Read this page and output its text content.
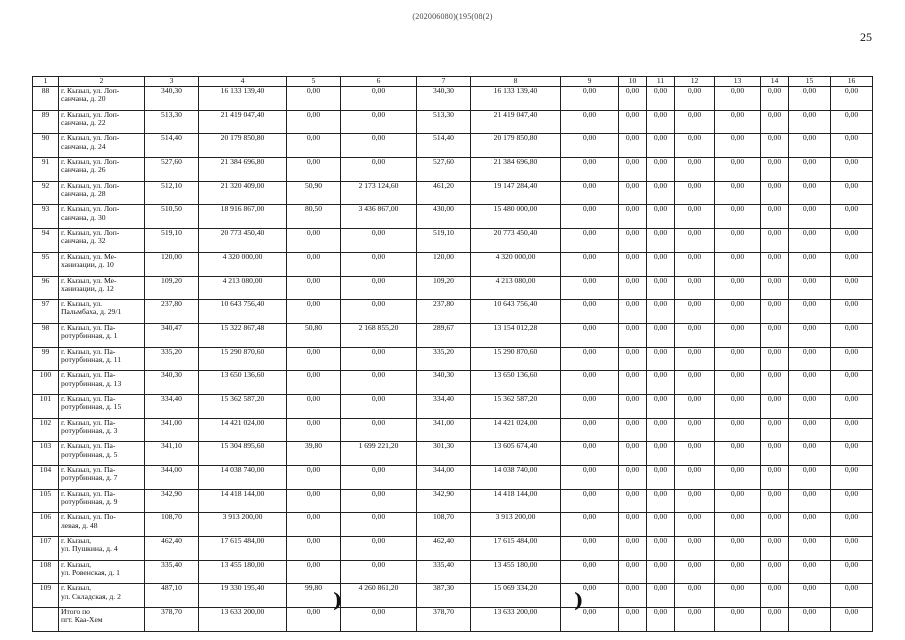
(202006080)(195(08(2)
25
1	2	3	4	5	6	7	8	9	10	11	12	13	14	15	16
88	г. Кызыл, ул. Лоп-
санчана, д. 20	340,30	16 133 139,40	0,00	0,00	340,30	16 133 139,40	0,00	0,00	0,00	0,00	0,00	0,00	0,00	0,00
89	г. Кызыл, ул. Лоп-
санчана, д. 22	513,30	21 419 047,40	0,00	0,00	513,30	21 419 047,40	0,00	0,00	0,00	0,00	0,00	0,00	0,00	0,00
90	г. Кызыл, ул. Лоп-
санчана, д. 24	514,40	20 179 850,80	0,00	0,00	514,40	20 179 850,80	0,00	0,00	0,00	0,00	0,00	0,00	0,00	0,00
91	г. Кызыл, ул. Лоп-
санчана, д. 26	527,60	21 384 696,80	0,00	0,00	527,60	21 384 696,80	0,00	0,00	0,00	0,00	0,00	0,00	0,00	0,00
92	г. Кызыл, ул. Лоп-
санчана, д. 28	512,10	21 320 409,00	50,90	2 173 124,60	461,20	19 147 284,40	0,00	0,00	0,00	0,00	0,00	0,00	0,00	0,00
93	г. Кызыл, ул. Лоп-
санчана, д. 30	510,50	18 916 867,00	80,50	3 436 867,00	430,00	15 480 000,00	0,00	0,00	0,00	0,00	0,00	0,00	0,00	0,00
94	г. Кызыл, ул. Лоп-
санчана, д. 32	519,10	20 773 450,40	0,00	0,00	519,10	20 773 450,40	0,00	0,00	0,00	0,00	0,00	0,00	0,00	0,00
95	г. Кызыл, ул. Ме-
ханизации, д. 10	120,00	4 320 000,00	0,00	0,00	120,00	4 320 000,00	0,00	0,00	0,00	0,00	0,00	0,00	0,00	0,00
96	г. Кызыл, ул. Ме-
ханизации, д. 12	109,20	4 213 080,00	0,00	0,00	109,20	4 213 080,00	0,00	0,00	0,00	0,00	0,00	0,00	0,00	0,00
97	г. Кызыл, ул.
Пальмбаха, д. 29/1	237,80	10 643 756,40	0,00	0,00	237,80	10 643 756,40	0,00	0,00	0,00	0,00	0,00	0,00	0,00	0,00
98	г. Кызыл, ул. Па-
ротурбинная, д. 1	340,47	15 322 867,48	50,80	2 168 855,20	289,67	13 154 012,28	0,00	0,00	0,00	0,00	0,00	0,00	0,00	0,00
99	г. Кызыл, ул. Па-
ротурбинная, д. 11	335,20	15 290 870,60	0,00	0,00	335,20	15 290 870,60	0,00	0,00	0,00	0,00	0,00	0,00	0,00	0,00
100	г. Кызыл, ул. Па-
ротурбинная, д. 13	340,30	13 650 136,60	0,00	0,00	340,30	13 650 136,60	0,00	0,00	0,00	0,00	0,00	0,00	0,00	0,00
101	г. Кызыл, ул. Па-
ротурбинная, д. 15	334,40	15 362 587,20	0,00	0,00	334,40	15 362 587,20	0,00	0,00	0,00	0,00	0,00	0,00	0,00	0,00
102	г. Кызыл, ул. Па-
ротурбинная, д. 3	341,00	14 421 024,00	0,00	0,00	341,00	14 421 024,00	0,00	0,00	0,00	0,00	0,00	0,00	0,00	0,00
103	г. Кызыл, ул. Па-
ротурбинная, д. 5	341,10	15 304 895,60	39,80	1 699 221,20	301,30	13 605 674,40	0,00	0,00	0,00	0,00	0,00	0,00	0,00	0,00
104	г. Кызыл, ул. Па-
ротурбинная, д. 7	344,00	14 038 740,00	0,00	0,00	344,00	14 038 740,00	0,00	0,00	0,00	0,00	0,00	0,00	0,00	0,00
105	г. Кызыл, ул. Па-
ротурбинная, д. 9	342,90	14 418 144,00	0,00	0,00	342,90	14 418 144,00	0,00	0,00	0,00	0,00	0,00	0,00	0,00	0,00
106	г. Кызыл, ул. По-
левая, д. 48	108,70	3 913 200,00	0,00	0,00	108,70	3 913 200,00	0,00	0,00	0,00	0,00	0,00	0,00	0,00	0,00
107	г. Кызыл,
ул. Пушкина, д. 4	462,40	17 615 484,00	0,00	0,00	462,40	17 615 484,00	0,00	0,00	0,00	0,00	0,00	0,00	0,00	0,00
108	г. Кызыл,
ул. Ровенская, д. 1	335,40	13 455 180,00	0,00	0,00	335,40	13 455 180,00	0,00	0,00	0,00	0,00	0,00	0,00	0,00	0,00
109	г. Кызыл,
ул. Складская, д. 2	487,10	19 330 195,40	99,80	4 260 861,20	387,30	15 069 334,20	0,00	0,00	0,00	0,00	0,00	0,00	0,00	0,00

	Итого по
пгт. Каа-Хем	378,70	13 633 200,00	0,00	0,00	378,70	13 633 200,00	0,00	0,00	0,00	0,00	0,00	0,00	0,00	0,00
)	)
